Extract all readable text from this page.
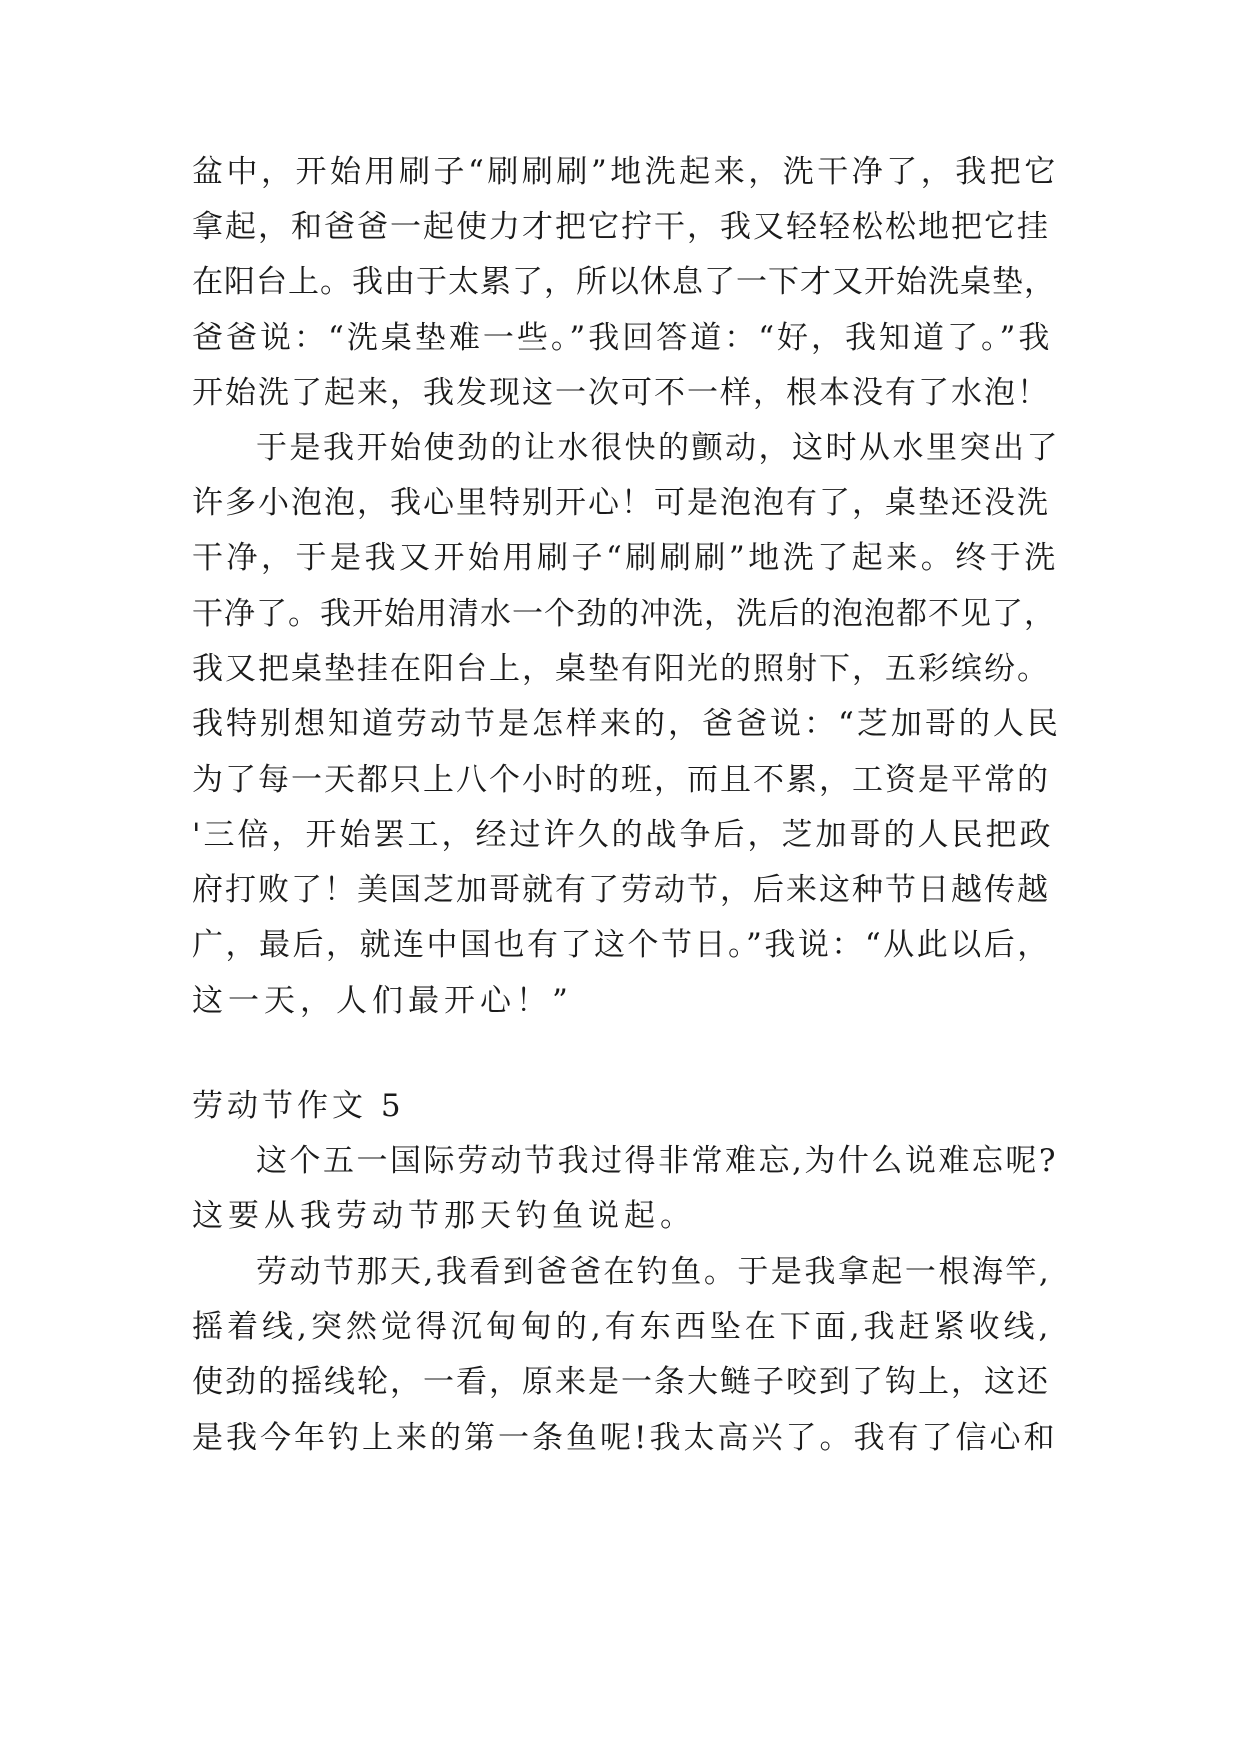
盆中，开始用刷子“刷刷刷”地洗起来，洗干净了，我把它
拿起，和爸爸一起使力才把它拧干，我又轻轻松松地把它挂
在阳台上。我由于太累了，所以休息了一下才又开始洗桌垫，
爸爸说：“洗桌垫难一些。”我回答道：“好，我知道了。”我
开始洗了起来，我发现这一次可不一样，根本没有了水泡！
于是我开始使劲的让水很快的颤动，这时从水里突出了
许多小泡泡，我心里特别开心！可是泡泡有了，桌垫还没洗
干净，于是我又开始用刷子“刷刷刷”地洗了起来。终于洗
干净了。我开始用清水一个劲的冲洗，洗后的泡泡都不见了，
我又把桌垫挂在阳台上，桌垫有阳光的照射下，五彩缤纷。
我特别想知道劳动节是怎样来的，爸爸说：“芝加哥的人民
为了每一天都只上八个小时的班，而且不累，工资是平常的
'三倍，开始罢工，经过许久的战争后，芝加哥的人民把政
府打败了！美国芝加哥就有了劳动节，后来这种节日越传越
广，最后，就连中国也有了这个节日。”我说：“从此以后，
这一天，人们最开心！”
劳动节作文 5
这个五一国际劳动节我过得非常难忘,为什么说难忘呢?
这要从我劳动节那天钓鱼说起。
劳动节那天,我看到爸爸在钓鱼。于是我拿起一根海竿,
摇着线,突然觉得沉甸甸的,有东西坠在下面,我赶紧收线,
使劲的摇线轮，一看，原来是一条大鲢子咬到了钩上，这还
是我今年钓上来的第一条鱼呢!我太高兴了。我有了信心和
